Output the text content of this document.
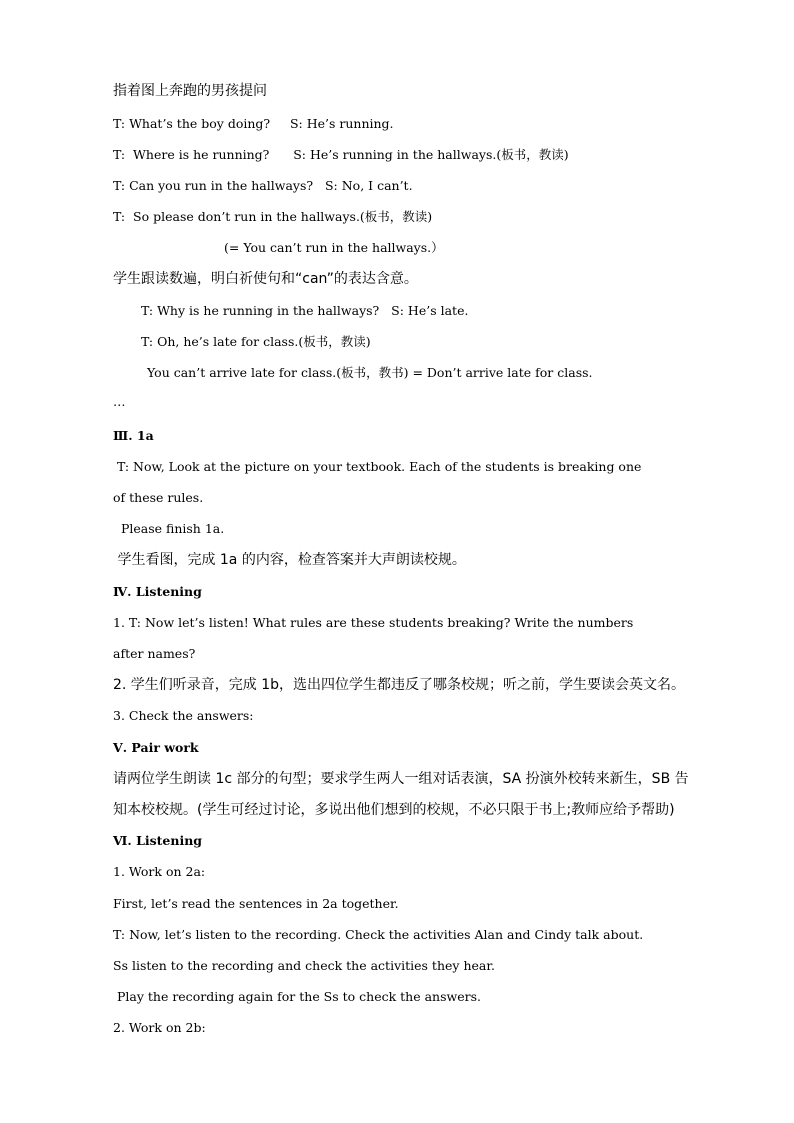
指着图上奔跑的男孩提问
T: What’s the boy doing?     S: He’s running.
T:  Where is he running?      S: He’s running in the hallways.(板书，教读)
T: Can you run in the hallways?   S: No, I can’t.
T:  So please don’t run in the hallways.(板书，教读)
(= You can’t run in the hallways.）
学生跟读数遍，明白祈使句和“can”的表达含意。
T: Why is he running in the hallways?   S: He’s late.
T: Oh, he’s late for class.(板书，教读)
You can’t arrive late for class.(板书，教书) = Don’t arrive late for class.
…
Ⅲ. 1a
T: Now, Look at the picture on your textbook. Each of the students is breaking one
of these rules.
Please finish 1a.
学生看图，完成 1a 的内容，检查答案并大声朗读校规。
Ⅳ. Listening
1. T: Now let’s listen! What rules are these students breaking? Write the numbers
after names?
2. 学生们听录音，完成 1b，选出四位学生都违反了哪条校规；听之前，学生要读会英文名。
3. Check the answers:
Ⅴ. Pair work
请两位学生朗读 1c 部分的句型；要求学生两人一组对话表演，SA 扮演外校转来新生，SB 告
知本校校规。(学生可经过讨论，多说出他们想到的校规，不必只限于书上;教师应给予帮助)
Ⅵ. Listening
1. Work on 2a:
First, let’s read the sentences in 2a together.
T: Now, let’s listen to the recording. Check the activities Alan and Cindy talk about.
Ss listen to the recording and check the activities they hear.
Play the recording again for the Ss to check the answers.
2. Work on 2b:
